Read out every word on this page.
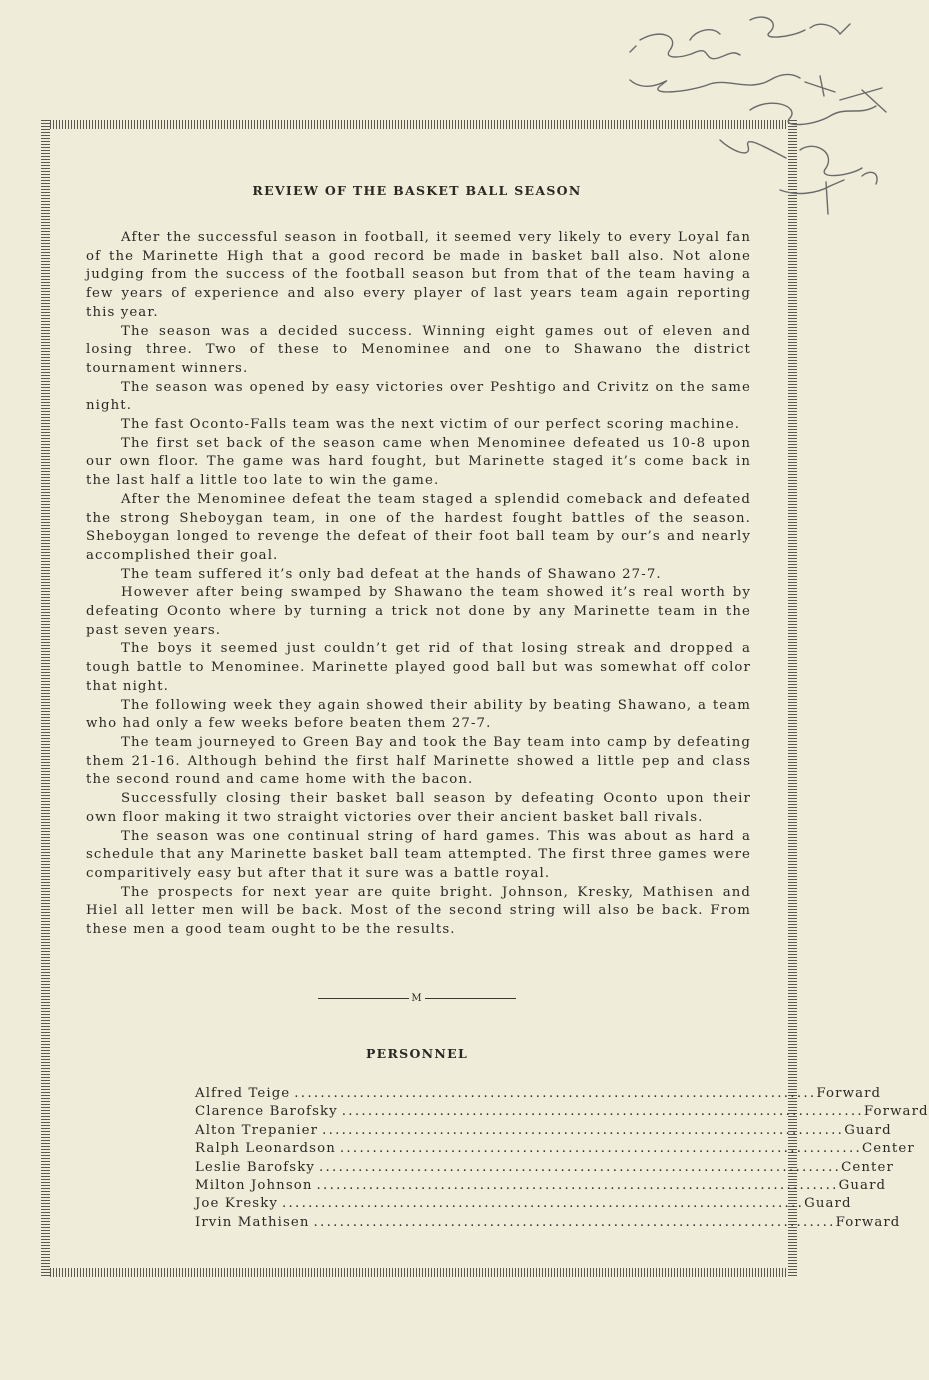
REVIEW OF THE BASKET BALL SEASON

After the successful season in football, it seemed very likely to every Loyal fan of the Marinette High that a good record be made in basket ball also. Not alone judging from the success of the football season but from that of the team having a few years of experience and also every player of last years team again reporting this year.

The season was a decided success. Winning eight games out of eleven and losing three. Two of these to Menominee and one to Shawano the district tournament winners.

The season was opened by easy victories over Peshtigo and Crivitz on the same night.

The fast Oconto-Falls team was the next victim of our perfect scoring machine.

The first set back of the season came when Menominee defeated us 10-8 upon our own floor. The game was hard fought, but Marinette staged it’s come back in the last half a little too late to win the game.

After the Menominee defeat the team staged a splendid comeback and defeated the strong Sheboygan team, in one of the hardest fought battles of the season. Sheboygan longed to revenge the defeat of their foot ball team by our’s and nearly accomplished their goal.

The team suffered it’s only bad defeat at the hands of Shawano 27-7.

However after being swamped by Shawano the team showed it’s real worth by defeating Oconto where by turning a trick not done by any Marinette team in the past seven years.

The boys it seemed just couldn’t get rid of that losing streak and dropped a tough battle to Menominee. Marinette played good ball but was somewhat off color that night.

The following week they again showed their ability by beating Shawano, a team who had only a few weeks before beaten them 27-7.

The team journeyed to Green Bay and took the Bay team into camp by defeating them 21-16. Although behind the first half Marinette showed a little pep and class the second round and came home with the bacon.

Successfully closing their basket ball season by defeating Oconto upon their own floor making it two straight victories over their ancient basket ball rivals.

The season was one continual string of hard games. This was about as hard a schedule that any Marinette basket ball team attempted. The first three games were comparitively easy but after that it sure was a battle royal.

The prospects for next year are quite bright. Johnson, Kresky, Mathisen and Hiel all letter men will be back. Most of the second string will also be back. From these men a good team ought to be the results.

M
PERSONNEL
Alfred Teige ................................................................................ Forward
Clarence Barofsky ................................................................................ Forward
Alton Trepanier ................................................................................ Guard
Ralph Leonardson ................................................................................ Center
Leslie Barofsky ................................................................................ Center
Milton Johnson ................................................................................ Guard
Joe Kresky ................................................................................ Guard
Irvin Mathisen ................................................................................ Forward
